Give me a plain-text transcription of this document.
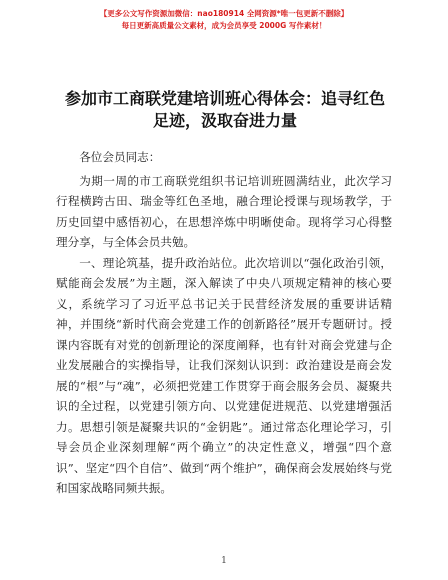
【更多公文写作资源加微信：nao180914 全网资源*唯一包更新不删除】
每日更新高质量公文素材，成为会员享受 2000G 写作素材！
参加市工商联党建培训班心得体会：追寻红色足迹，汲取奋进力量

各位会员同志：

为期一周的市工商联党组织书记培训班圆满结业，此次学习行程横跨古田、瑞金等红色圣地，融合理论授课与现场教学，于历史回望中感悟初心，在思想淬炼中明晰使命。现将学习心得整理分享，与全体会员共勉。

一、理论筑基，提升政治站位。此次培训以“强化政治引领，赋能商会发展”为主题，深入解读了中央八项规定精神的核心要义，系统学习了习近平总书记关于民营经济发展的重要讲话精神，并围绕“新时代商会党建工作的创新路径”展开专题研讨。授课内容既有对党的创新理论的深度阐释，也有针对商会党建与企业发展融合的实操指导，让我们深刻认识到：政治建设是商会发展的“根”与“魂”，必须把党建工作贯穿于商会服务会员、凝聚共识的全过程，以党建引领方向、以党建促进规范、以党建增强活力。思想引领是凝聚共识的“金钥匙”。通过常态化理论学习，引导会员企业深刻理解“两个确立”的决定性意义，增强“四个意识”、坚定“四个自信”、做到“两个维护”，确保商会发展始终与党和国家战略同频共振。

1
